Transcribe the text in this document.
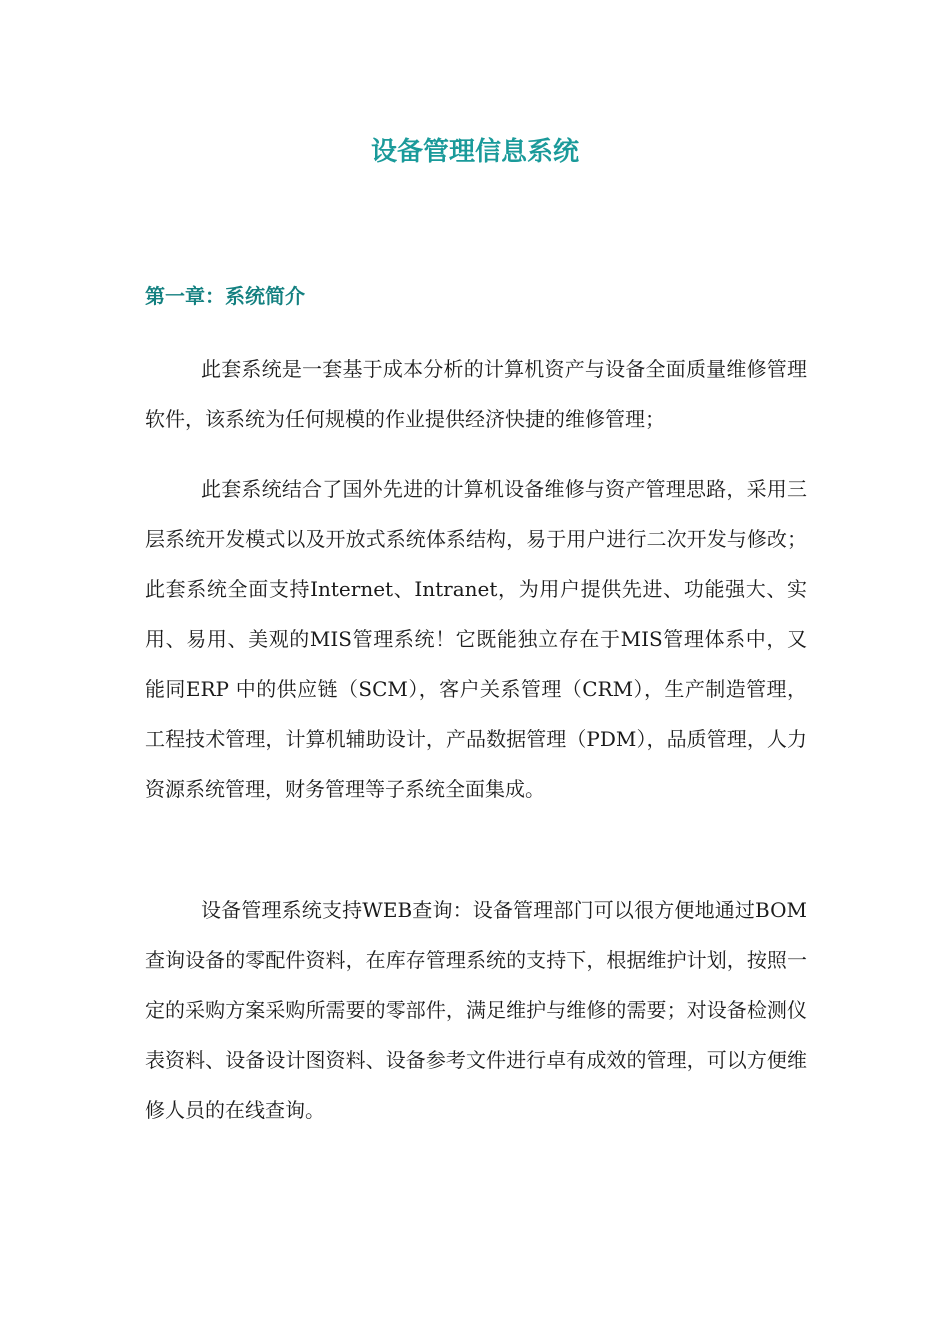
设备管理信息系统
第一章：系统简介

此套系统是一套基于成本分析的计算机资产与设备全面质量维修管理软件，该系统为任何规模的作业提供经济快捷的维修管理；

此套系统结合了国外先进的计算机设备维修与资产管理思路，采用三层系统开发模式以及开放式系统体系结构，易于用户进行二次开发与修改；此套系统全面支持Internet、Intranet，为用户提供先进、功能强大、实用、易用、美观的MIS管理系统！它既能独立存在于MIS管理体系中，又能同ERP 中的供应链（SCM），客户关系管理（CRM），生产制造管理，工程技术管理，计算机辅助设计，产品数据管理（PDM），品质管理，人力资源系统管理，财务管理等子系统全面集成。

设备管理系统支持WEB查询：设备管理部门可以很方便地通过BOM查询设备的零配件资料，在库存管理系统的支持下，根据维护计划，按照一定的采购方案采购所需要的零部件，满足维护与维修的需要；对设备检测仪表资料、设备设计图资料、设备参考文件进行卓有成效的管理，可以方便维修人员的在线查询。
